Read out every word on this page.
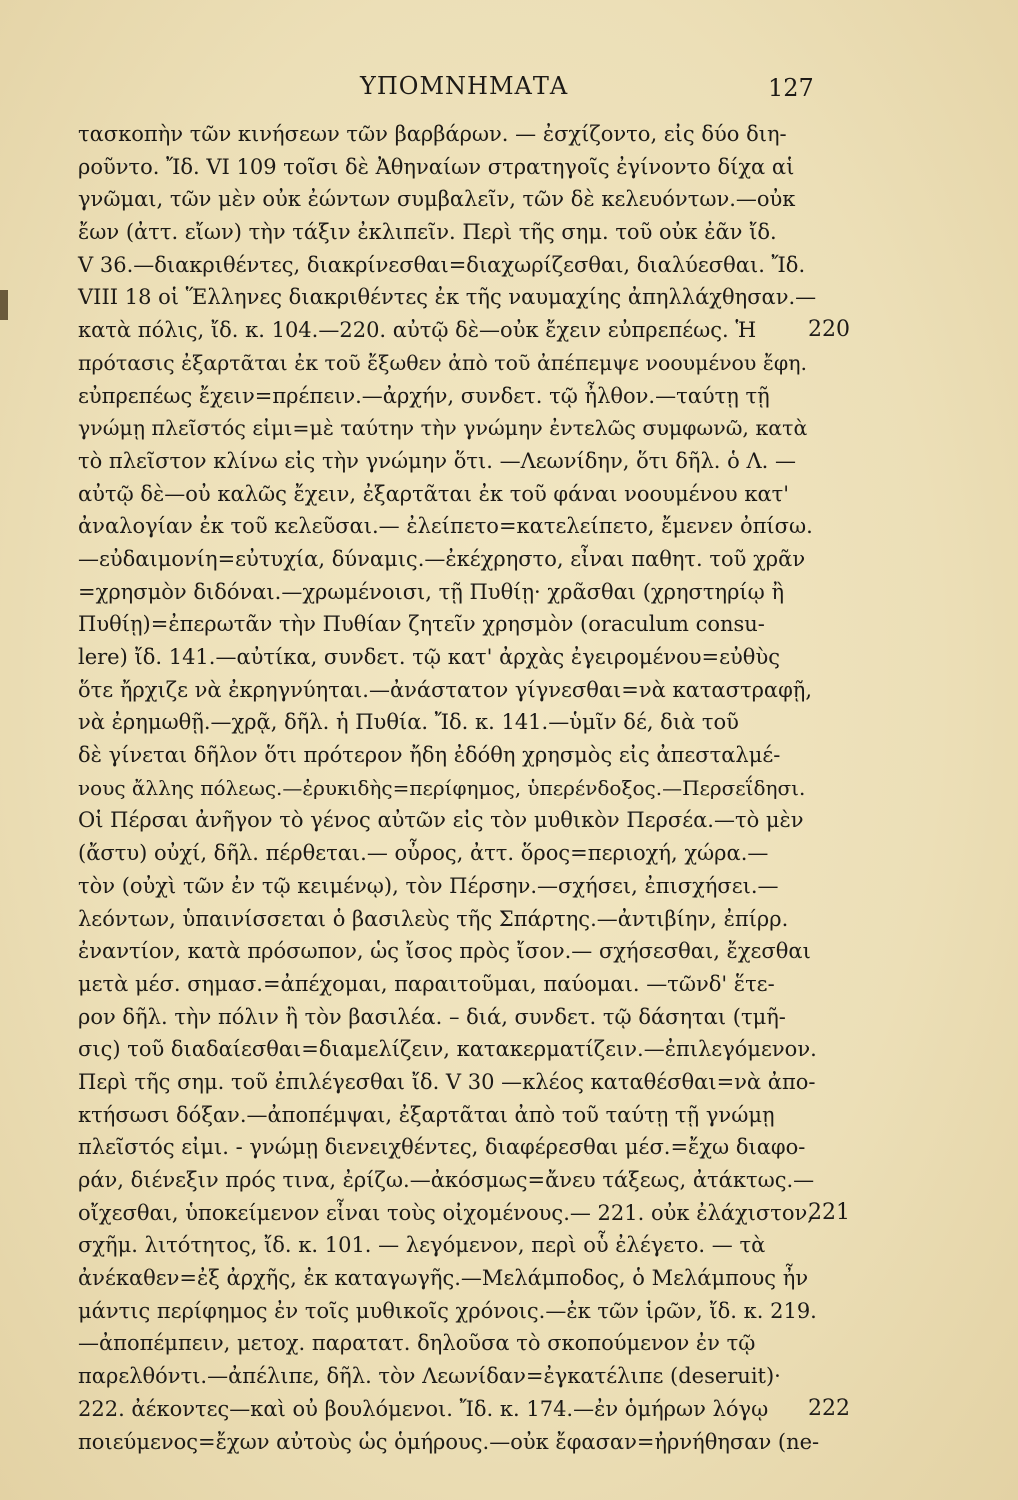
ΥΠΟΜΝΗΜΑΤΑ	127
τασκοπὴν τῶν κινήσεων τῶν βαρβάρων. — ἐσχίζοντο, εἰς δύο διη-
ροῦντο. Ἴδ. VI 109 τοῖσι δὲ Ἀθηναίων στρατηγοῖς ἐγίνοντο δίχα αἱ
γνῶμαι, τῶν μὲν οὐκ ἐώντων συμβαλεῖν, τῶν δὲ κελευόντων.—οὐκ
ἔων (ἀττ. εἴων) τὴν τάξιν ἐκλιπεῖν. Περὶ τῆς σημ. τοῦ οὐκ ἐᾶν ἴδ.
V 36.—διακριθέντες, διακρίνεσθαι=διαχωρίζεσθαι, διαλύεσθαι. Ἴδ.
VIII 18 οἱ Ἕλληνες διακριθέντες ἐκ τῆς ναυμαχίης ἀπηλλάχθησαν.—
κατὰ πόλις, ἴδ. κ. 104.—220. αὐτῷ δὲ—οὐκ ἔχειν εὐπρεπέως. Ἡ
πρότασις ἐξαρτᾶται ἐκ τοῦ ἔξωθεν ἀπὸ τοῦ ἀπέπεμψε νοουμένου ἔφη.
εὐπρεπέως ἔχειν=πρέπειν.—ἀρχήν, συνδετ. τῷ ἦλθον.—ταύτῃ τῇ
γνώμῃ πλεῖστός εἰμι=μὲ ταύτην τὴν γνώμην ἐντελῶς συμφωνῶ, κατὰ
τὸ πλεῖστον κλίνω εἰς τὴν γνώμην ὅτι. —Λεωνίδην, ὅτι δῆλ. ὁ Λ. —
αὐτῷ δὲ—οὐ καλῶς ἔχειν, ἐξαρτᾶται ἐκ τοῦ φάναι νοουμένου κατ'
ἀναλογίαν ἐκ τοῦ κελεῦσαι.— ἐλείπετο=κατελείπετο, ἔμενεν ὀπίσω.
—εὐδαιμονίη=εὐτυχία, δύναμις.—ἐκέχρηστο, εἶναι παθητ. τοῦ χρᾶν
=χρησμὸν διδόναι.—χρωμένοισι, τῇ Πυθίῃ· χρᾶσθαι (χρηστηρίῳ ἢ
Πυθίῃ)=ἐπερωτᾶν τὴν Πυθίαν ζητεῖν χρησμὸν (oraculum consu-
lere) ἴδ. 141.—αὐτίκα, συνδετ. τῷ κατ' ἀρχὰς ἐγειρομένου=εὐθὺς
ὅτε ἤρχιζε νὰ ἐκρηγνύηται.—ἀνάστατον γίγνεσθαι=νὰ καταστραφῇ,
νὰ ἐρημωθῇ.—χρᾷ, δῆλ. ἡ Πυθία. Ἴδ. κ. 141.—ὑμῖν δέ, διὰ τοῦ
δὲ γίνεται δῆλον ὅτι πρότερον ἤδη ἐδόθη χρησμὸς εἰς ἀπεσταλμέ-
νους ἄλλης πόλεως.—ἐρυκιδὴς=περίφημος, ὑπερένδοξος.—Περσεΐδησι.
Οἱ Πέρσαι ἀνῆγον τὸ γένος αὐτῶν εἰς τὸν μυθικὸν Περσέα.—τὸ μὲν
(ἄστυ) οὐχί, δῆλ. πέρθεται.— οὖρος, ἀττ. ὅρος=περιοχή, χώρα.—
τὸν (οὐχὶ τῶν ἐν τῷ κειμένῳ), τὸν Πέρσην.—σχήσει, ἐπισχήσει.—
λεόντων, ὑπαινίσσεται ὁ βασιλεὺς τῆς Σπάρτης.—ἀντιβίην, ἐπίρρ.
ἐναντίον, κατὰ πρόσωπον, ὡς ἴσος πρὸς ἴσον.— σχήσεσθαι, ἔχεσθαι
μετὰ μέσ. σημασ.=ἀπέχομαι, παραιτοῦμαι, παύομαι. —τῶνδ' ἕτε-
ρον δῆλ. τὴν πόλιν ἢ τὸν βασιλέα. – διά, συνδετ. τῷ δάσηται (τμῆ-
σις) τοῦ διαδαίεσθαι=διαμελίζειν, κατακερματίζειν.—ἐπιλεγόμενον.
Περὶ τῆς σημ. τοῦ ἐπιλέγεσθαι ἴδ. V 30 —κλέος καταθέσθαι=νὰ ἀπο-
κτήσωσι δόξαν.—ἀποπέμψαι, ἐξαρτᾶται ἀπὸ τοῦ ταύτῃ τῇ γνώμῃ
πλεῖστός εἰμι. - γνώμῃ διενειχθέντες, διαφέρεσθαι μέσ.=ἔχω διαφο-
ράν, διένεξιν πρός τινα, ἐρίζω.—ἀκόσμως=ἄνευ τάξεως, ἀτάκτως.—
οἴχεσθαι, ὑποκείμενον εἶναι τοὺς οἰχομένους.— 221. οὐκ ἐλάχιστον,
σχῆμ. λιτότητος, ἴδ. κ. 101. — λεγόμενον, περὶ οὗ ἐλέγετο. — τὰ
ἀνέκαθεν=ἐξ ἀρχῆς, ἐκ καταγωγῆς.—Μελάμποδος, ὁ Μελάμπους ἦν
μάντις περίφημος ἐν τοῖς μυθικοῖς χρόνοις.—ἐκ τῶν ἱρῶν, ἴδ. κ. 219.
—ἀποπέμπειν, μετοχ. παρατατ. δηλοῦσα τὸ σκοπούμενον ἐν τῷ
παρελθόντι.—ἀπέλιπε, δῆλ. τὸν Λεωνίδαν=ἐγκατέλιπε (deseruit)·
222. ἀέκοντες—καὶ οὐ βουλόμενοι. Ἴδ. κ. 174.—ἐν ὁμήρων λόγῳ
ποιεύμενος=ἔχων αὐτοὺς ὡς ὁμήρους.—οὐκ ἔφασαν=ἠρνήθησαν (ne-
220
221
222
